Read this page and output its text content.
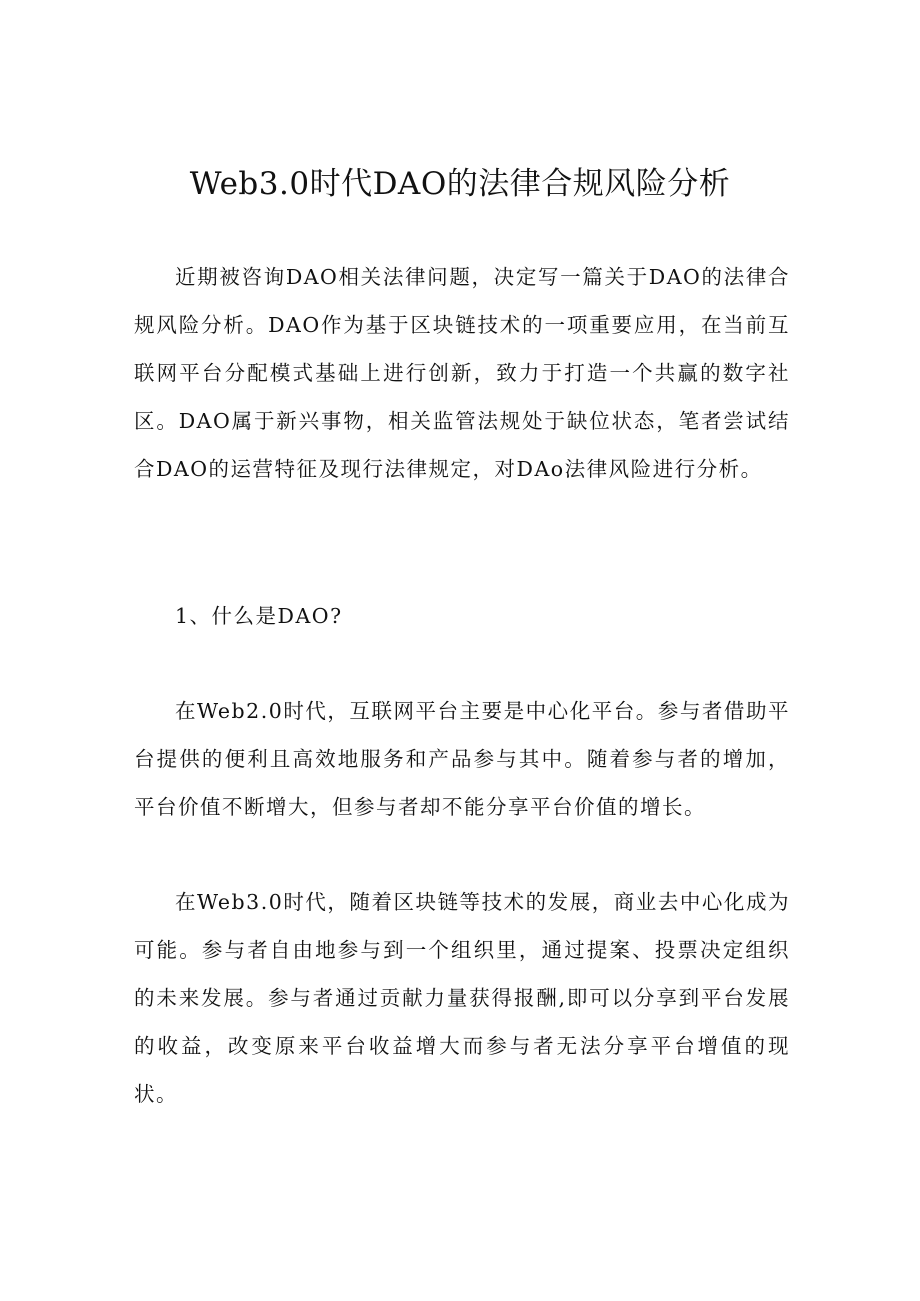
Web3.0时代DAO的法律合规风险分析

近期被咨询DAO相关法律问题，决定写一篇关于DAO的法律合规风险分析。DAO作为基于区块链技术的一项重要应用，在当前互联网平台分配模式基础上进行创新，致力于打造一个共赢的数字社区。DAO属于新兴事物，相关监管法规处于缺位状态，笔者尝试结合DAO的运营特征及现行法律规定，对DAo法律风险进行分析。

1、什么是DAO?

在Web2.0时代，互联网平台主要是中心化平台。参与者借助平台提供的便利且高效地服务和产品参与其中。随着参与者的增加，平台价值不断增大，但参与者却不能分享平台价值的增长。

在Web3.0时代，随着区块链等技术的发展，商业去中心化成为可能。参与者自由地参与到一个组织里，通过提案、投票决定组织的未来发展。参与者通过贡献力量获得报酬,即可以分享到平台发展的收益，改变原来平台收益增大而参与者无法分享平台增值的现状。
